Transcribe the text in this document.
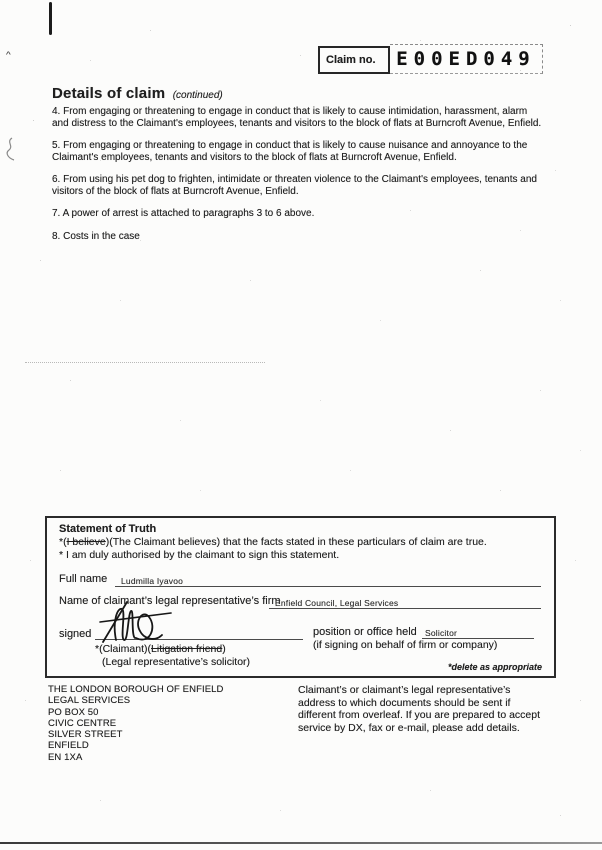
^	Claim no.	E00ED049
Details of claim (continued)

4. From engaging or threatening to engage in conduct that is likely to cause intimidation, harassment, alarm and distress to the Claimant's employees, tenants and visitors to the block of flats at Burncroft Avenue, Enfield.

5. From engaging or threatening to engage in conduct that is likely to cause nuisance and annoyance to the Claimant's employees, tenants and visitors to the block of flats at Burncroft Avenue, Enfield.

6. From using his pet dog to frighten, intimidate or threaten violence to the Claimant's employees, tenants and visitors of the block of flats at Burncroft Avenue, Enfield.

7. A power of arrest is attached to paragraphs 3 to 6 above.

8. Costs in the case

Statement of Truth
*(I believe)(The Claimant believes) that the facts stated in these particulars of claim are true.
* I am duly authorised by the claimant to sign this statement.
Full name Ludmilla Iyavoo
Name of claimant’s legal representative’s firm
Enfield Council, Legal Services
signed
*(Claimant)(Litigation friend)
(Legal representative’s solicitor)
position or office held Solicitor
(if signing on behalf of firm or company)
*delete as appropriate
THE LONDON BOROUGH OF ENFIELD
LEGAL SERVICES
PO BOX 50
CIVIC CENTRE
SILVER STREET
ENFIELD
EN 1XA
Claimant’s or claimant’s legal representative’s address to which documents should be sent if different from overleaf. If you are prepared to accept service by DX, fax or e-mail, please add details.
